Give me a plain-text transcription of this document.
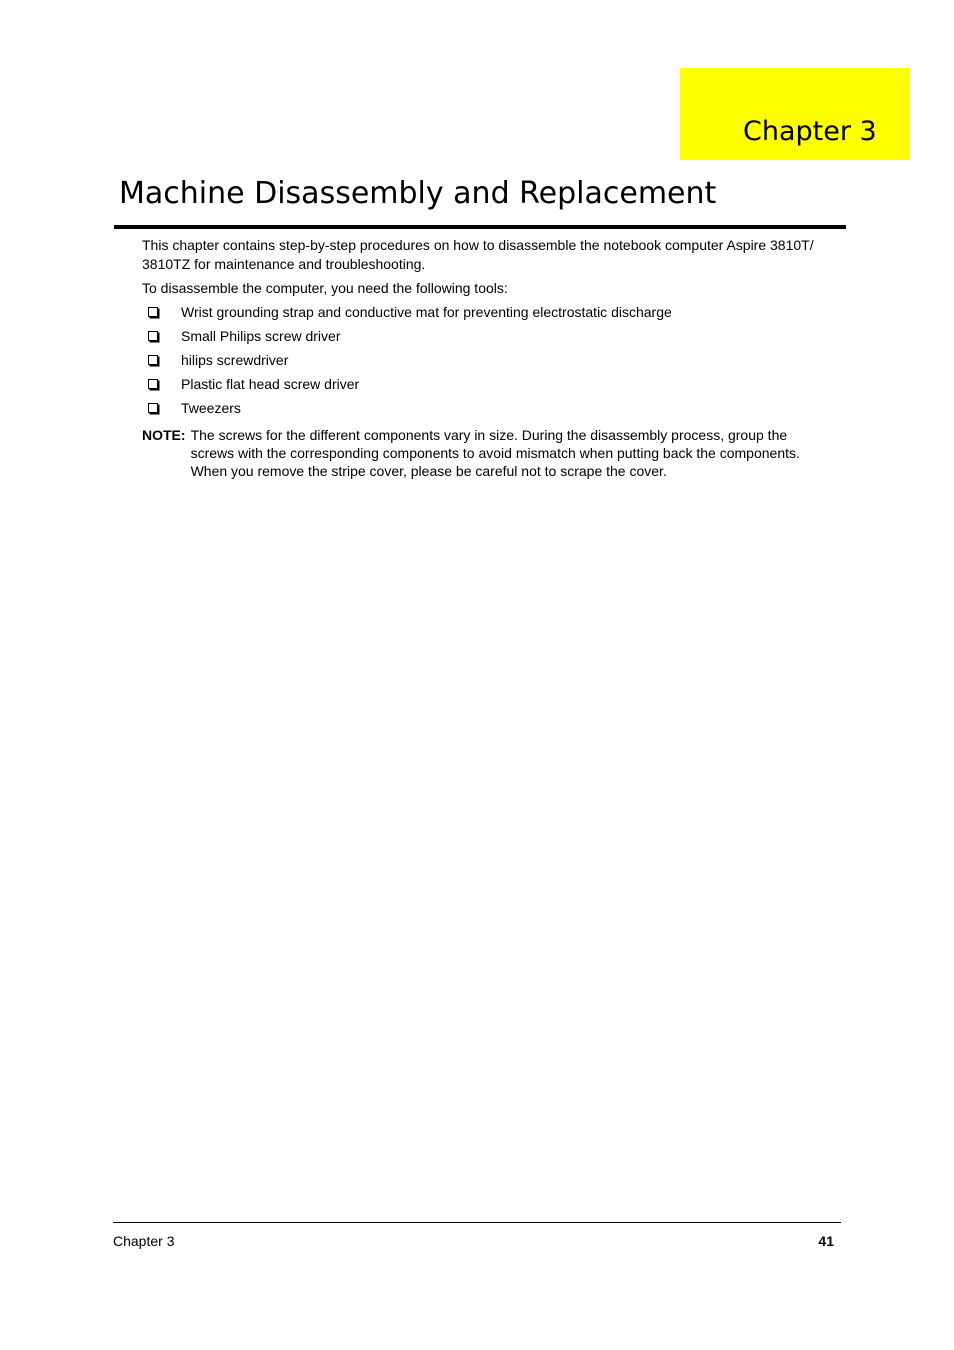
Chapter 3
Machine Disassembly and Replacement

This chapter contains step-by-step procedures on how to disassemble the notebook computer Aspire 3810T/ 3810TZ for maintenance and troubleshooting.

To disassemble the computer, you need the following tools:

Wrist grounding strap and conductive mat for preventing electrostatic discharge
Small Philips screw driver
hilips screwdriver
Plastic flat head screw driver
Tweezers
NOTE: The screws for the different components vary in size. During the disassembly process, group the screws with the corresponding components to avoid mismatch when putting back the components. When you remove the stripe cover, please be careful not to scrape the cover.
Chapter 3	41
